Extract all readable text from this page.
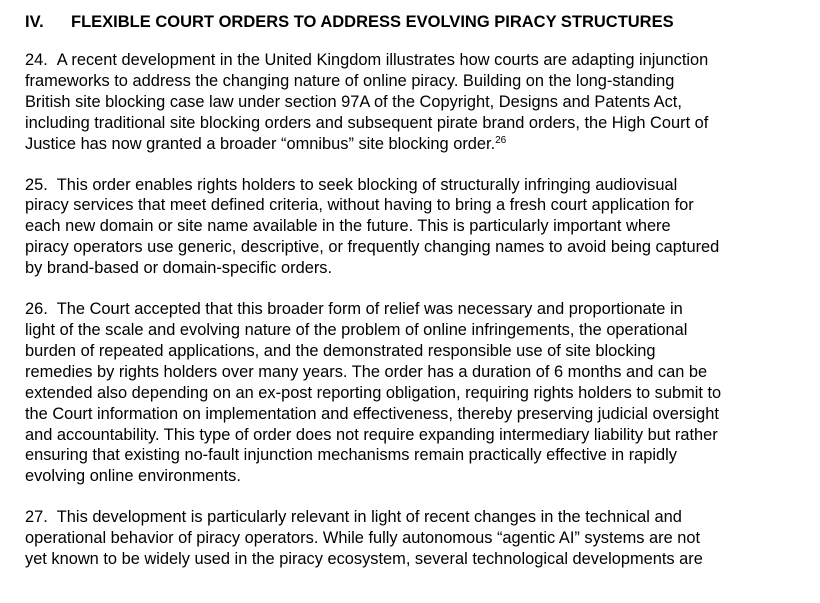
IV. FLEXIBLE COURT ORDERS TO ADDRESS EVOLVING PIRACY STRUCTURES
24. A recent development in the United Kingdom illustrates how courts are adapting injunction
frameworks to address the changing nature of online piracy. Building on the long-standing
British site blocking case law under section 97A of the Copyright, Designs and Patents Act,
including traditional site blocking orders and subsequent pirate brand orders, the High Court of
Justice has now granted a broader “omnibus” site blocking order.$^{26}$
25. This order enables rights holders to seek blocking of structurally infringing audiovisual
piracy services that meet defined criteria, without having to bring a fresh court application for
each new domain or site name available in the future. This is particularly important where
piracy operators use generic, descriptive, or frequently changing names to avoid being captured
by brand-based or domain-specific orders.
26. The Court accepted that this broader form of relief was necessary and proportionate in
light of the scale and evolving nature of the problem of online infringements, the operational
burden of repeated applications, and the demonstrated responsible use of site blocking
remedies by rights holders over many years. The order has a duration of 6 months and can be
extended also depending on an ex-post reporting obligation, requiring rights holders to submit to
the Court information on implementation and effectiveness, thereby preserving judicial oversight
and accountability. This type of order does not require expanding intermediary liability but rather
ensuring that existing no-fault injunction mechanisms remain practically effective in rapidly
evolving online environments.
27. This development is particularly relevant in light of recent changes in the technical and
operational behavior of piracy operators. While fully autonomous “agentic AI” systems are not
yet known to be widely used in the piracy ecosystem, several technological developments are
